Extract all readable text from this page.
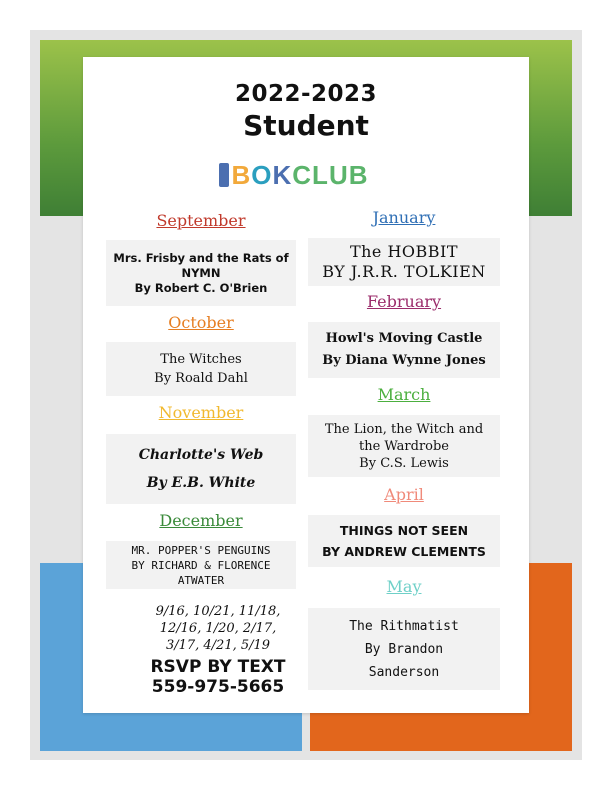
2022-2023
Student
BOKCLUB
September
Mrs. Frisby and the Rats of
NYMN
By Robert C. O'Brien
October
The Witches
By Roald Dahl
November
Charlotte's Web
By E.B. White
December
MR. POPPER'S PENGUINS
BY RICHARD & FLORENCE ATWATER
9/16, 10/21, 11/18,
12/16, 1/20, 2/17,
3/17, 4/21, 5/19
RSVP BY TEXT
559-975-5665
January
The HOBBIT
BY J.R.R. TOLKIEN
February
Howl's Moving Castle
By Diana Wynne Jones
March
The Lion, the Witch and
the Wardrobe
By C.S. Lewis
April
THINGS NOT SEEN
BY ANDREW CLEMENTS
May
The Rithmatist
By Brandon
Sanderson
